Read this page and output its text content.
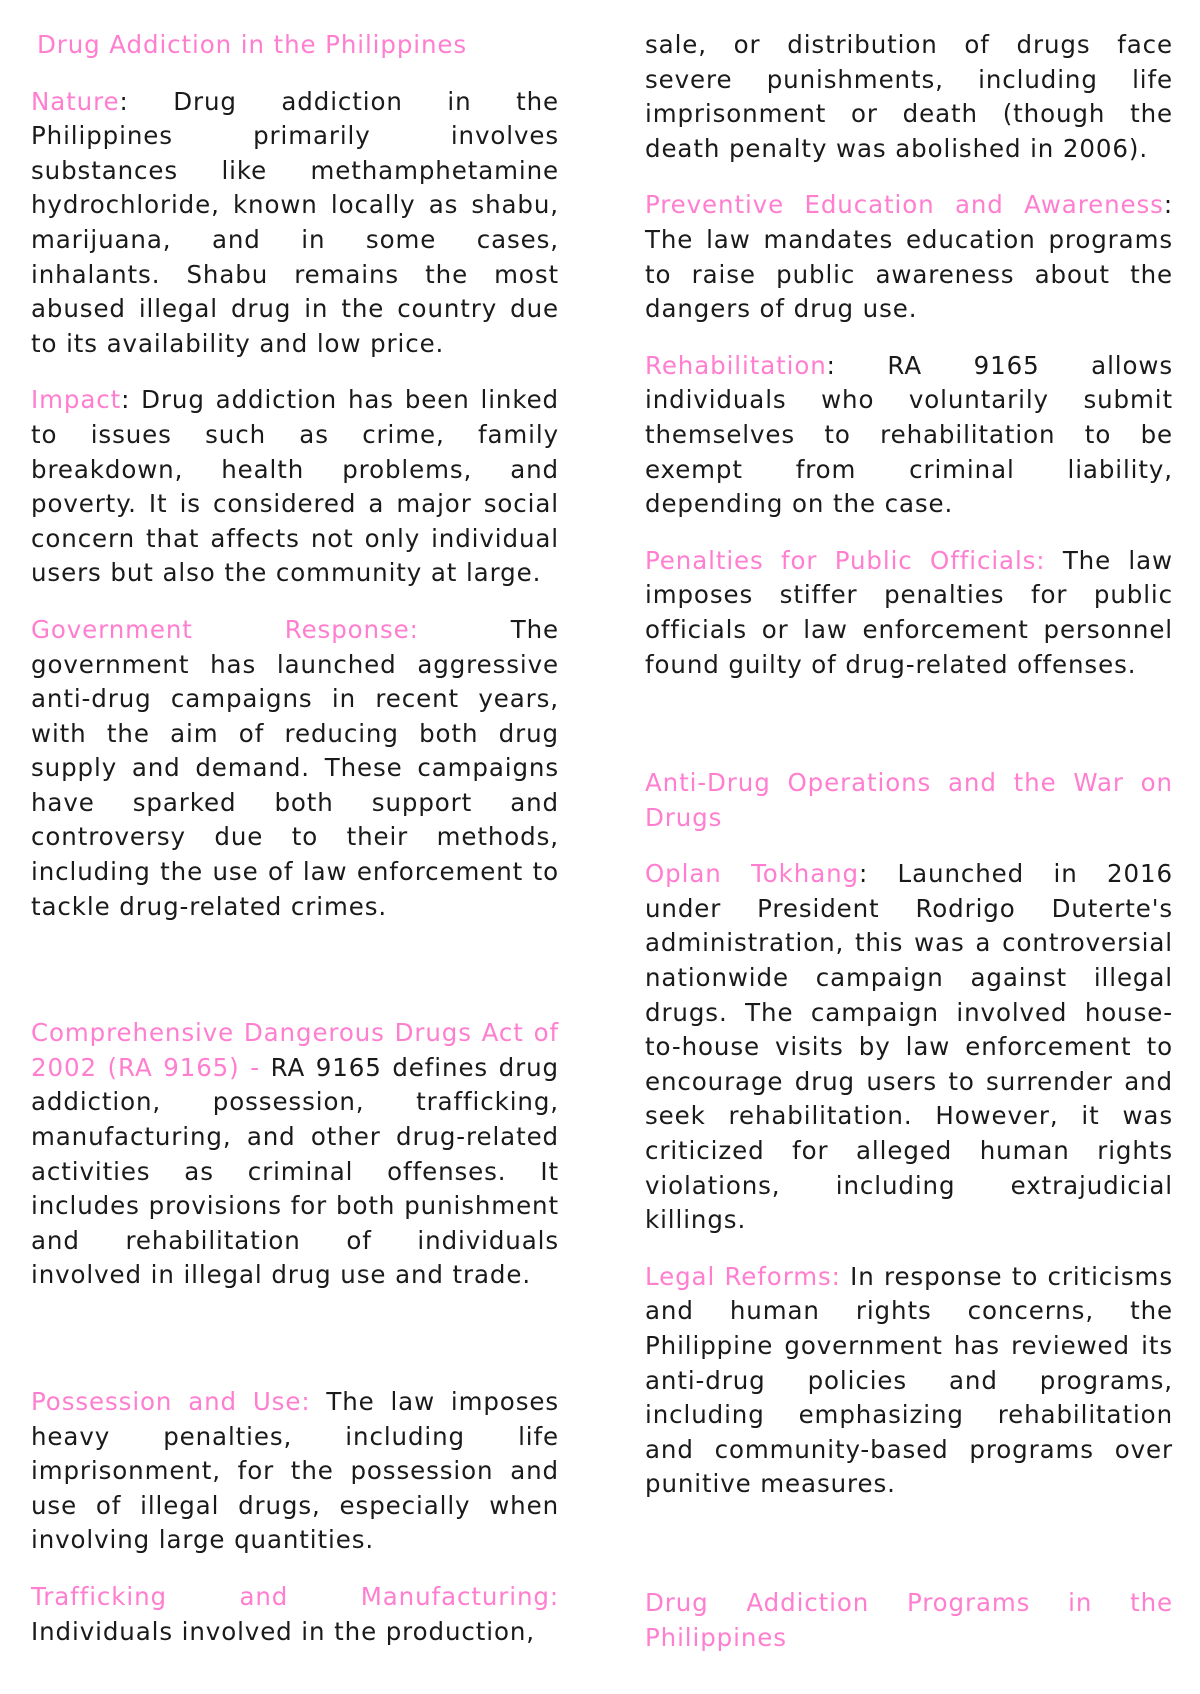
Drug Addiction in the Philippines

Nature: Drug addiction in the Philippines primarily involves substances like methamphetamine hydrochloride, known locally as shabu, marijuana, and in some cases, inhalants. Shabu remains the most abused illegal drug in the country due to its availability and low price.

Impact: Drug addiction has been linked to issues such as crime, family breakdown, health problems, and poverty. It is considered a major social concern that affects not only individual users but also the community at large.

Government Response: The government has launched aggressive anti-drug campaigns in recent years, with the aim of reducing both drug supply and demand. These campaigns have sparked both support and controversy due to their methods, including the use of law enforcement to tackle drug-related crimes.

Comprehensive Dangerous Drugs Act of 2002 (RA 9165) - RA 9165 defines drug addiction, possession, trafficking, manufacturing, and other drug-related activities as criminal offenses. It includes provisions for both punishment and rehabilitation of individuals involved in illegal drug use and trade.

Possession and Use: The law imposes heavy penalties, including life imprisonment, for the possession and use of illegal drugs, especially when involving large quantities.

Trafficking and Manufacturing: Individuals involved in the production,

sale, or distribution of drugs face severe punishments, including life imprisonment or death (though the death penalty was abolished in 2006).

Preventive Education and Awareness: The law mandates education programs to raise public awareness about the dangers of drug use.

Rehabilitation: RA 9165 allows individuals who voluntarily submit themselves to rehabilitation to be exempt from criminal liability, depending on the case.

Penalties for Public Officials: The law imposes stiffer penalties for public officials or law enforcement personnel found guilty of drug-related offenses.

Anti-Drug Operations and the War on Drugs

Oplan Tokhang: Launched in 2016 under President Rodrigo Duterte's administration, this was a controversial nationwide campaign against illegal drugs. The campaign involved house-to-house visits by law enforcement to encourage drug users to surrender and seek rehabilitation. However, it was criticized for alleged human rights violations, including extrajudicial killings.

Legal Reforms: In response to criticisms and human rights concerns, the Philippine government has reviewed its anti-drug policies and programs, including emphasizing rehabilitation and community-based programs over punitive measures.

Drug Addiction Programs in the Philippines
